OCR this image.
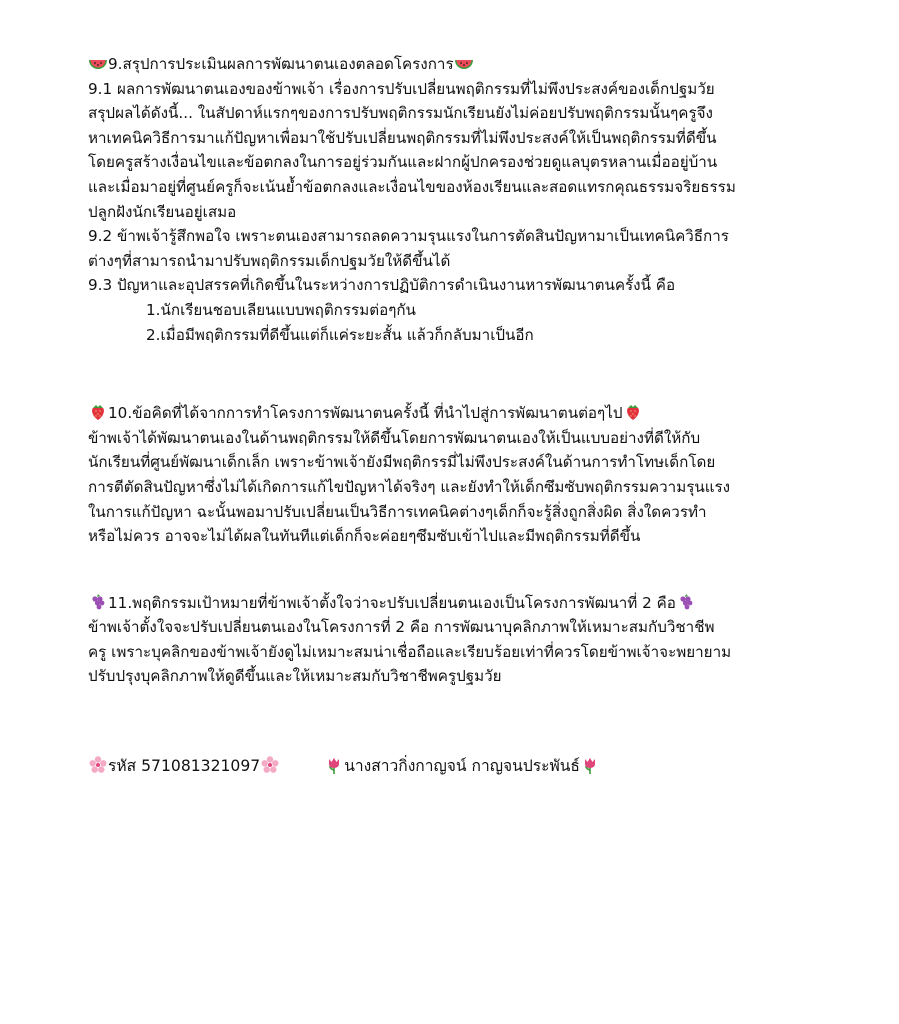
9.สรุปการประเมินผลการพัฒนาตนเองตลอดโครงการ
9.1 ผลการพัฒนาตนเองของข้าพเจ้า เรื่องการปรับเปลี่ยนพฤติกรรมที่ไม่พึงประสงค์ของเด็กปฐมวัย
สรุปผลได้ดังนี้... ในสัปดาห์แรกๆของการปรับพฤติกรรมนักเรียนยังไม่ค่อยปรับพฤติกรรมนั้นๆครูจึง
หาเทคนิควิธีการมาแก้ปัญหาเพื่อมาใช้ปรับเปลี่ยนพฤติกรรมที่ไม่พึงประสงค์ให้เป็นพฤติกรรมที่ดีขึ้น
โดยครูสร้างเงื่อนไขและข้อตกลงในการอยู่ร่วมกันและฝากผู้ปกครองช่วยดูแลบุตรหลานเมื่ออยู่บ้าน
และเมื่อมาอยู่ที่ศูนย์ครูก็จะเน้นย้ำข้อตกลงและเงื่อนไขของห้องเรียนและสอดแทรกคุณธรรมจริยธรรม
ปลูกฝังนักเรียนอยู่เสมอ
9.2 ข้าพเจ้ารู้สึกพอใจ เพราะตนเองสามารถลดความรุนแรงในการตัดสินปัญหามาเป็นเทคนิควิธีการ
ต่างๆที่สามารถนำมาปรับพฤติกรรมเด็กปฐมวัยให้ดีขึ้นได้
9.3 ปัญหาและอุปสรรคที่เกิดขึ้นในระหว่างการปฏิบัติการดำเนินงานหารพัฒนาตนครั้งนี้ คือ
1.นักเรียนชอบเลียนแบบพฤติกรรมต่อๆกัน
2.เมื่อมีพฤติกรรมที่ดีขึ้นแต่ก็แค่ระยะสั้น แล้วก็กลับมาเป็นอีก
10.ข้อคิดที่ได้จากการทำโครงการพัฒนาตนครั้งนี้ ที่นำไปสู่การพัฒนาตนต่อๆไป
ข้าพเจ้าได้พัฒนาตนเองในด้านพฤติกรรมให้ดีขึ้นโดยการพัฒนาตนเองให้เป็นแบบอย่างที่ดีให้กับ
นักเรียนที่ศูนย์พัฒนาเด็กเล็ก เพราะข้าพเจ้ายังมีพฤติกรรมี่ไม่พึงประสงค์ในด้านการทำโทษเด็กโดย
การตีตัดสินปัญหาซึ่งไม่ได้เกิดการแก้ไขปัญหาได้จริงๆ และยังทำให้เด็กซึมซับพฤติกรรมความรุนแรง
ในการแก้ปัญหา ฉะนั้นพอมาปรับเปลี่ยนเป็นวิธีการเทคนิคต่างๆเด็กก็จะรู้สิ่งถูกสิ่งผิด สิ่งใดควรทำ
หรือไม่ควร อาจจะไม่ได้ผลในทันทีแต่เด็กก็จะค่อยๆซึมซับเข้าไปและมีพฤติกรรมที่ดีขึ้น
11.พฤติกรรมเป้าหมายที่ข้าพเจ้าตั้งใจว่าจะปรับเปลี่ยนตนเองเป็นโครงการพัฒนาที่ 2 คือ
ข้าพเจ้าตั้งใจจะปรับเปลี่ยนตนเองในโครงการที่ 2 คือ การพัฒนาบุคลิกภาพให้เหมาะสมกับวิชาชีพ
ครู เพราะบุคลิกของข้าพเจ้ายังดูไม่เหมาะสมน่าเชื่อถือและเรียบร้อยเท่าที่ควรโดยข้าพเจ้าจะพยายาม
ปรับปรุงบุคลิกภาพให้ดูดีขึ้นและให้เหมาะสมกับวิชาชีพครูปฐมวัย
รหัส 571081321097	นางสาวกิ่งกาญจน์ กาญจนประพันธ์
